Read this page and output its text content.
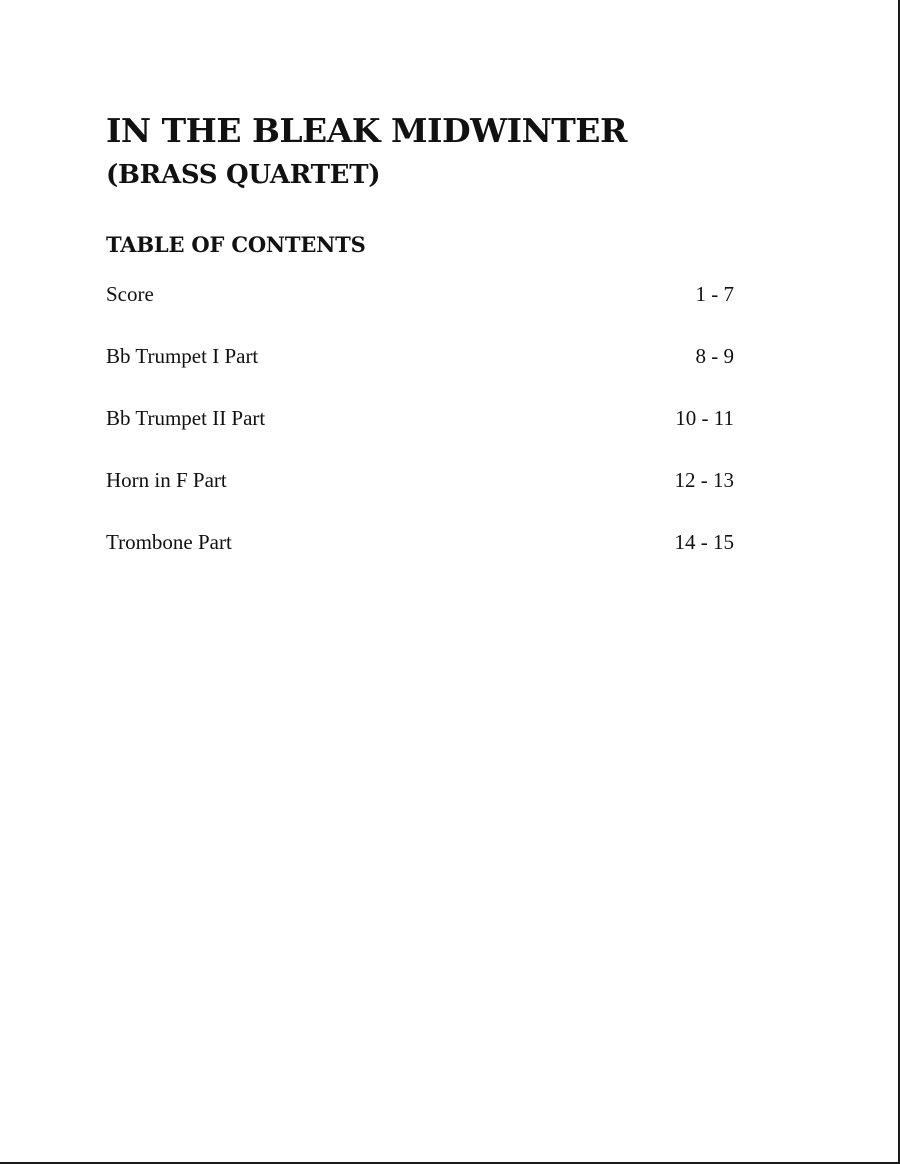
IN THE BLEAK MIDWINTER
(BRASS QUARTET)
TABLE OF CONTENTS
Score	1 - 7
Bb Trumpet I Part	8 - 9
Bb Trumpet II Part	10 - 11
Horn in F Part	12 - 13
Trombone Part	14 - 15
